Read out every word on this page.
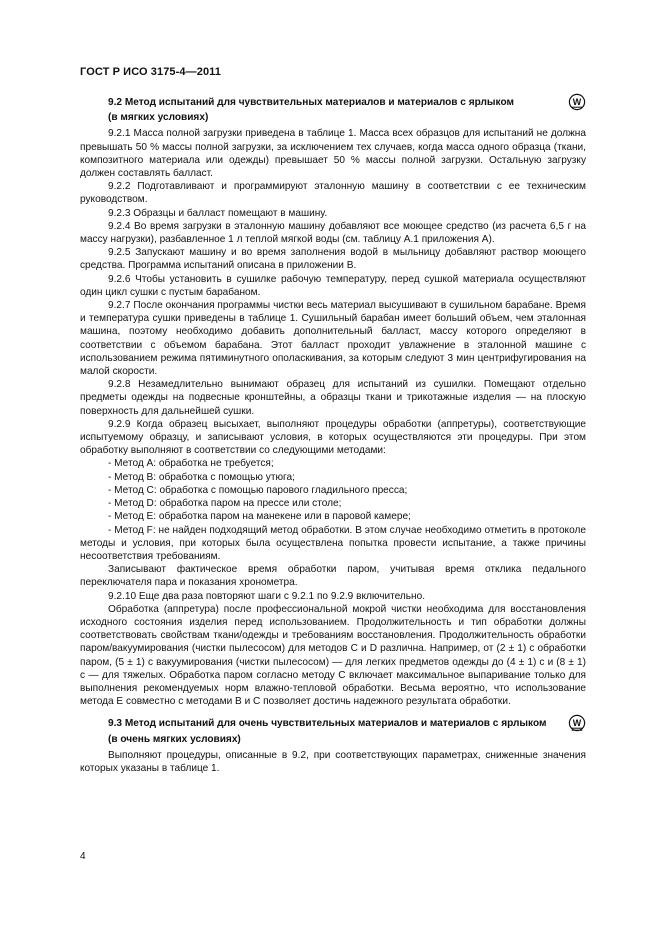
ГОСТ Р ИСО 3175-4—2011
9.2 Метод испытаний для чувствительных материалов и материалов с ярлыком	W
(в мягких условиях)

9.2.1 Масса полной загрузки приведена в таблице 1. Масса всех образцов для испытаний не должна превышать 50 % массы полной загрузки, за исключением тех случаев, когда масса одного образца (ткани, композитного материала или одежды) превышает 50 % массы полной загрузки. Остальную загрузку должен составлять балласт.

9.2.2 Подготавливают и программируют эталонную машину в соответствии с ее техническим руководством.

9.2.3 Образцы и балласт помещают в машину.

9.2.4 Во время загрузки в эталонную машину добавляют все моющее средство (из расчета 6,5 г на массу нагрузки), разбавленное 1 л теплой мягкой воды (см. таблицу А.1 приложения А).

9.2.5 Запускают машину и во время заполнения водой в мыльницу добавляют раствор моющего средства. Программа испытаний описана в приложении В.

9.2.6 Чтобы установить в сушилке рабочую температуру, перед сушкой материала осуществляют один цикл сушки с пустым барабаном.

9.2.7 После окончания программы чистки весь материал высушивают в сушильном барабане. Время и температура сушки приведены в таблице 1. Сушильный барабан имеет больший объем, чем эталонная машина, поэтому необходимо добавить дополнительный балласт, массу которого определяют в соответствии с объемом барабана. Этот балласт проходит увлажнение в эталонной машине с использованием режима пятиминутного ополаскивания, за которым следуют 3 мин центрифугирования на малой скорости.

9.2.8 Незамедлительно вынимают образец для испытаний из сушилки. Помещают отдельно предметы одежды на подвесные кронштейны, а образцы ткани и трикотажные изделия — на плоскую поверхность для дальнейшей сушки.

9.2.9 Когда образец высыхает, выполняют процедуры обработки (аппретуры), соответствующие испытуемому образцу, и записывают условия, в которых осуществляются эти процедуры. При этом обработку выполняют в соответствии со следующими методами:

- Метод А: обработка не требуется;

- Метод B: обработка с помощью утюга;

- Метод C: обработка с помощью парового гладильного пресса;

- Метод D: обработка паром на прессе или столе;

- Метод E: обработка паром на манекене или в паровой камере;

- Метод F: не найден подходящий метод обработки. В этом случае необходимо отметить в протоколе методы и условия, при которых была осуществлена попытка провести испытание, а также причины несоответствия требованиям.

Записывают фактическое время обработки паром, учитывая время отклика педального переключателя пара и показания хронометра.

9.2.10 Еще два раза повторяют шаги с 9.2.1 по 9.2.9 включительно.

Обработка (аппретура) после профессиональной мокрой чистки необходима для восстановления исходного состояния изделия перед использованием. Продолжительность и тип обработки должны соответствовать свойствам ткани/одежды и требованиям восстановления. Продолжительность обработки паром/вакуумирования (чистки пылесосом) для методов C и D различна. Например, от (2 ± 1) с обработки паром, (5 ± 1) с вакуумирования (чистки пылесосом) — для легких предметов одежды до (4 ± 1) с и (8 ± 1) с — для тяжелых. Обработка паром согласно методу С включает максимальное выпаривание только для выполнения рекомендуемых норм влажно-тепловой обработки. Весьма вероятно, что использование метода Е совместно с методами В и С позволяет достичь надежного результата обработки.

9.3 Метод испытаний для очень чувствительных материалов и материалов с ярлыком	W
(в очень мягких условиях)

Выполняют процедуры, описанные в 9.2, при соответствующих параметрах, сниженные значения которых указаны в таблице 1.

4
